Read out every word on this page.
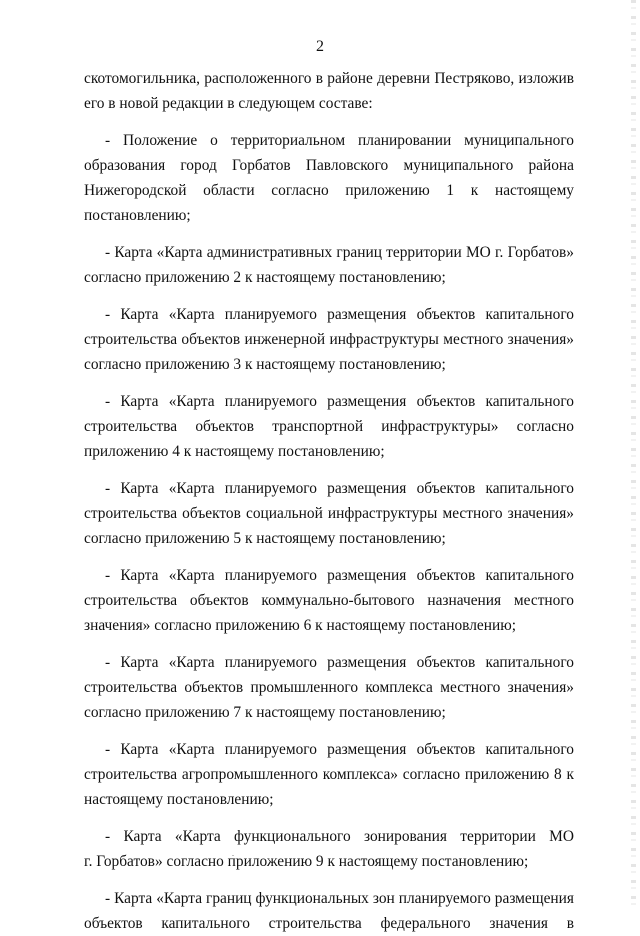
2
скотомогильника, расположенного в районе деревни Пестряково, изложив
его в новой редакции в следующем составе:
- Положение о территориальном планировании муниципального
образования город Горбатов Павловского муниципального района
Нижегородской области согласно приложению 1 к настоящему
постановлению;
- Карта «Карта административных границ территории МО г. Горбатов»
согласно приложению 2 к настоящему постановлению;
- Карта «Карта планируемого размещения объектов капитального
строительства объектов инженерной инфраструктуры местного значения»
согласно приложению 3 к настоящему постановлению;
- Карта «Карта планируемого размещения объектов капитального
строительства объектов транспортной инфраструктуры» согласно
приложению 4 к настоящему постановлению;
- Карта «Карта планируемого размещения объектов капитального
строительства объектов социальной инфраструктуры местного значения»
согласно приложению 5 к настоящему постановлению;
- Карта «Карта планируемого размещения объектов капитального
строительства объектов коммунально-бытового назначения местного
значения» согласно приложению 6 к настоящему постановлению;
- Карта «Карта планируемого размещения объектов капитального
строительства объектов промышленного комплекса местного значения»
согласно приложению 7 к настоящему постановлению;
- Карта «Карта планируемого размещения объектов капитального
строительства агропромышленного комплекса» согласно приложению 8 к
настоящему постановлению;
- Карта «Карта функционального зонирования территории МО
г. Горбатов» согласно приложению 9 к настоящему постановлению;
- Карта «Карта границ функциональных зон планируемого размещения
объектов капитального строительства федерального значения в
